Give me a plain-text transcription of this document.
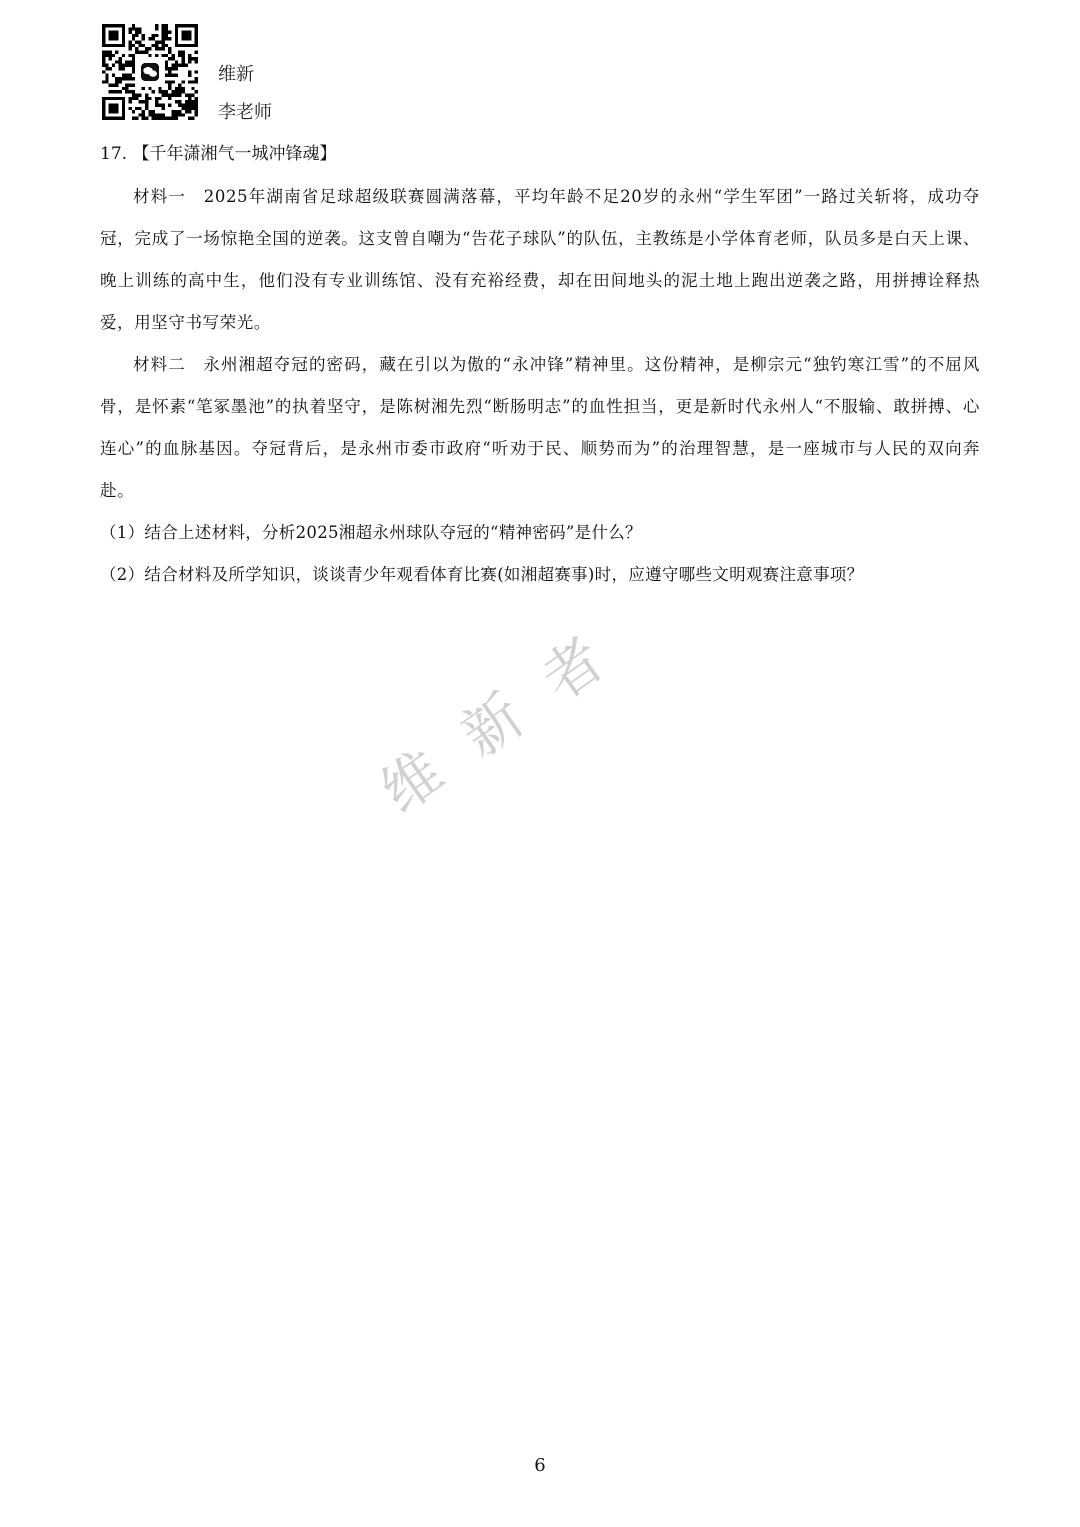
维新
李老师

17. 【千年潇湘气一城冲锋魂】

材料一　2025年湖南省足球超级联赛圆满落幕，平均年龄不足20岁的永州“学生军团”一路过关斩将，成功夺冠，完成了一场惊艳全国的逆袭。这支曾自嘲为“告花子球队”的队伍，主教练是小学体育老师，队员多是白天上课、晚上训练的高中生，他们没有专业训练馆、没有充裕经费，却在田间地头的泥土地上跑出逆袭之路，用拼搏诠释热爱，用坚守书写荣光。

材料二　永州湘超夺冠的密码，藏在引以为傲的“永冲锋”精神里。这份精神，是柳宗元“独钓寒江雪”的不屈风骨，是怀素“笔冢墨池”的执着坚守，是陈树湘先烈“断肠明志”的血性担当，更是新时代永州人“不服输、敢拼搏、心连心”的血脉基因。夺冠背后，是永州市委市政府“听劝于民、顺势而为”的治理智慧，是一座城市与人民的双向奔赴。

（1）结合上述材料，分析2025湘超永州球队夺冠的“精神密码”是什么？

（2）结合材料及所学知识，谈谈青少年观看体育比赛(如湘超赛事)时，应遵守哪些文明观赛注意事项？

维新者
6
